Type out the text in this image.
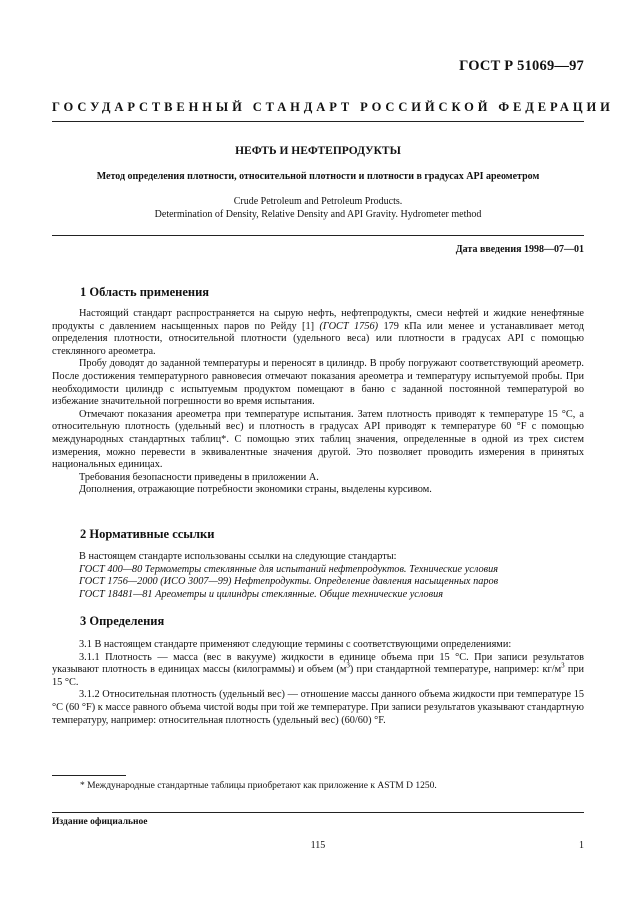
ГОСТ Р 51069—97
ГОСУДАРСТВЕННЫЙ СТАНДАРТ РОССИЙСКОЙ ФЕДЕРАЦИИ
НЕФТЬ И НЕФТЕПРОДУКТЫ
Метод определения плотности, относительной плотности и плотности в градусах API ареометром
Crude Petroleum and Petroleum Products.
Determination of Density, Relative Density and API Gravity. Hydrometer method
Дата введения 1998—07—01
1 Область применения

Настоящий стандарт распространяется на сырую нефть, нефтепродукты, смеси нефтей и жидкие ненефтяные продукты с давлением насыщенных паров по Рейду [1] (ГОСТ 1756) 179 кПа или менее и устанавливает метод определения плотности, относительной плотности (удельного веса) или плотности в градусах API с помощью стеклянного ареометра.

Пробу доводят до заданной температуры и переносят в цилиндр. В пробу погружают соответствующий ареометр. После достижения температурного равновесия отмечают показания ареометра и температуру испытуемой пробы. При необходимости цилиндр с испытуемым продуктом помещают в баню с заданной постоянной температурой во избежание значительной погрешности во время испытания.

Отмечают показания ареометра при температуре испытания. Затем плотность приводят к температуре 15 °С, а относительную плотность (удельный вес) и плотность в градусах API приводят к температуре 60 °F с помощью международных стандартных таблиц*. С помощью этих таблиц значения, определенные в одной из трех систем измерения, можно перевести в эквивалентные значения другой. Это позволяет проводить измерения в принятых национальных единицах.

Требования безопасности приведены в приложении А.

Дополнения, отражающие потребности экономики страны, выделены курсивом.

2 Нормативные ссылки

В настоящем стандарте использованы ссылки на следующие стандарты:

ГОСТ 400—80 Термометры стеклянные для испытаний нефтепродуктов. Технические условия

ГОСТ 1756—2000 (ИСО 3007—99) Нефтепродукты. Определение давления насыщенных паров

ГОСТ 18481—81 Ареометры и цилиндры стеклянные. Общие технические условия

3 Определения

3.1 В настоящем стандарте применяют следующие термины с соответствующими определениями:

3.1.1 Плотность — масса (вес в вакууме) жидкости в единице объема при 15 °С. При записи результатов указывают плотность в единицах массы (килограммы) и объем $(м^3)$ при стандартной температуре, например: $кг/м^3$ при 15 °С.

3.1.2 Относительная плотность (удельный вес) — отношение массы данного объема жидкости при температуре 15 °С (60 °F) к массе равного объема чистой воды при той же температуре. При записи результатов указывают стандартную температуру, например: относительная плотность (удельный вес) (60/60) °F.

* Международные стандартные таблицы приобретают как приложение к ASTM D 1250.
Издание официальное
115	1
